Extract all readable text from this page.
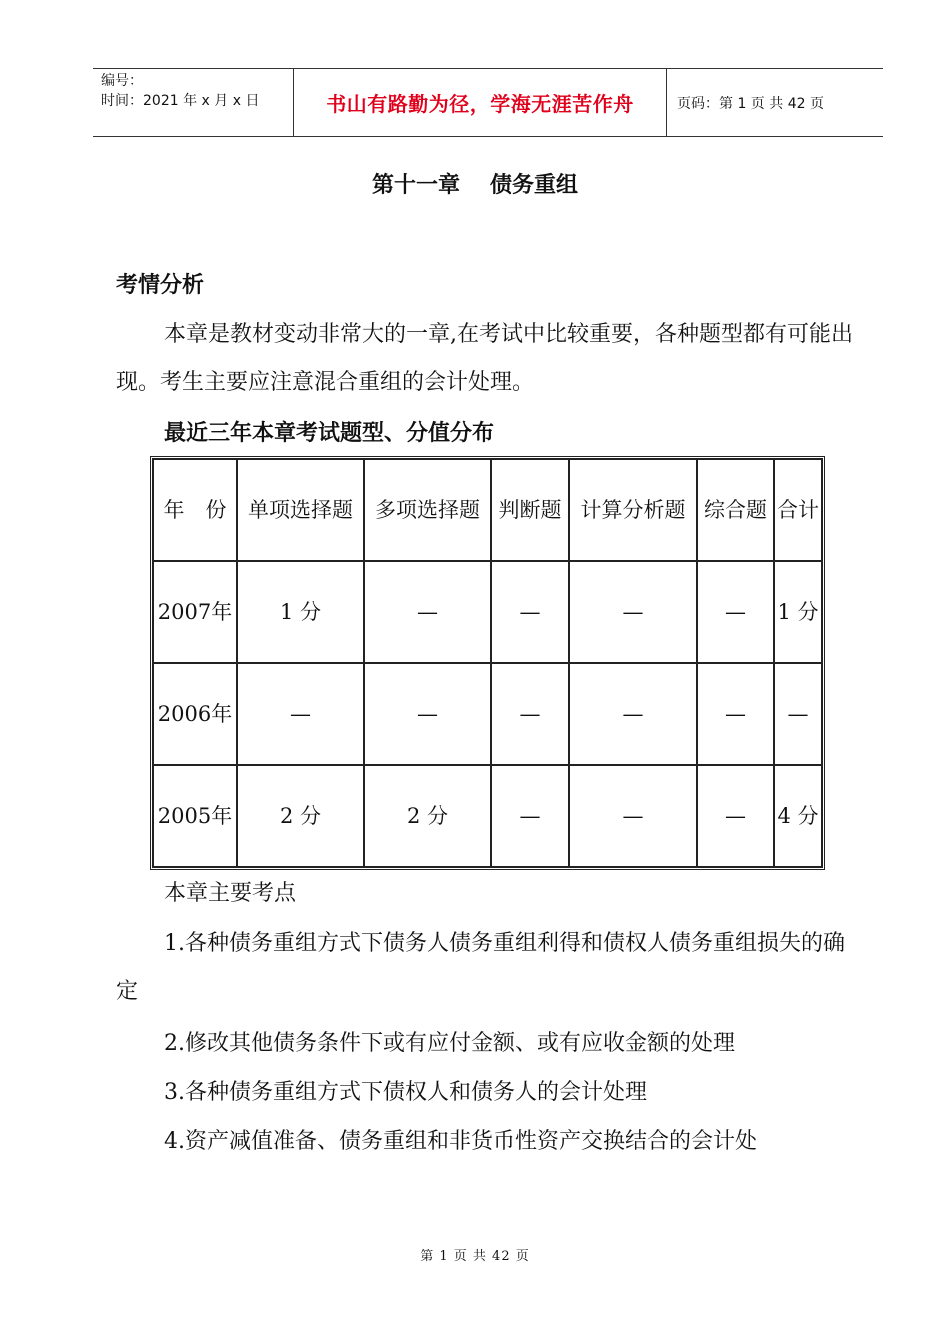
编号：
时间：2021 年 x 月 x 日	书山有路勤为径，学海无涯苦作舟	页码：第 1 页 共 42 页
第十一章 债务重组
考情分析
本章是教材变动非常大的一章,在考试中比较重要，各种题型都有可能出现。考生主要应注意混合重组的会计处理。
最近三年本章考试题型、分值分布
年　份	单项选择题	多项选择题	判断题	计算分析题	综合题	合计
2007年	1 分	—	—	—	—	1 分
2006年	—	—	—	—	—	—
2005年	2 分	2 分	—	—	—	4 分
本章主要考点
1.各种债务重组方式下债务人债务重组利得和债权人债务重组损失的确定
2.修改其他债务条件下或有应付金额、或有应收金额的处理
3.各种债务重组方式下债权人和债务人的会计处理
4.资产减值准备、债务重组和非货币性资产交换结合的会计处
第 1 页 共 42 页
